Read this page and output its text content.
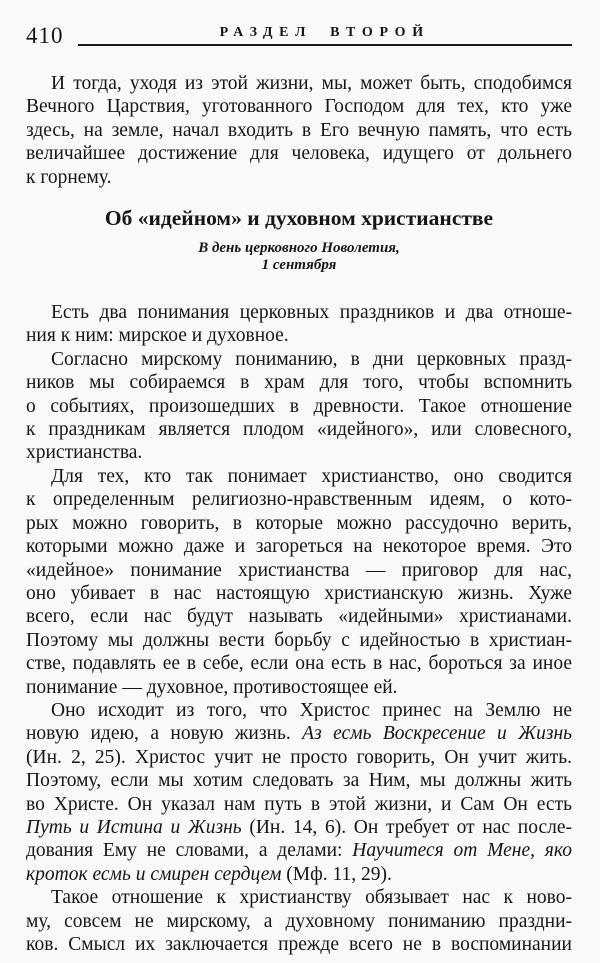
410	РАЗДЕЛ ВТОРОЙ
И тогда, уходя из этой жизни, мы, может быть, сподобимся
Вечного Царствия, уготованного Господом для тех, кто уже
здесь, на земле, начал входить в Его вечную память, что есть
величайшее достижение для человека, идущего от дольнего
к горнему.
Об «идейном» и духовном христианстве
В день церковного Новолетия,
1 сентября
Есть два понимания церковных праздников и два отноше-
ния к ним: мирское и духовное.
Согласно мирскому пониманию, в дни церковных празд-
ников мы собираемся в храм для того, чтобы вспомнить
о событиях, произошедших в древности. Такое отношение
к праздникам является плодом «идейного», или словесного,
христианства.
Для тех, кто так понимает христианство, оно сводится
к определенным религиозно-нравственным идеям, о кото-
рых можно говорить, в которые можно рассудочно верить,
которыми можно даже и загореться на некоторое время. Это
«идейное» понимание христианства — приговор для нас,
оно убивает в нас настоящую христианскую жизнь. Хуже
всего, если нас будут называть «идейными» христианами.
Поэтому мы должны вести борьбу с идейностью в христиан-
стве, подавлять ее в себе, если она есть в нас, бороться за иное
понимание — духовное, противостоящее ей.
Оно исходит из того, что Христос принес на Землю не
новую идею, а новую жизнь. Аз есмь Воскресение и Жизнь
(Ин. 2, 25). Христос учит не просто говорить, Он учит жить.
Поэтому, если мы хотим следовать за Ним, мы должны жить
во Христе. Он указал нам путь в этой жизни, и Сам Он есть
Путь и Истина и Жизнь (Ин. 14, 6). Он требует от нас после-
дования Ему не словами, а делами: Научитеся от Мене, яко
кроток есмь и смирен сердцем (Мф. 11, 29).
Такое отношение к христианству обязывает нас к ново-
му, совсем не мирскому, а духовному пониманию праздни-
ков. Смысл их заключается прежде всего не в воспоминании
